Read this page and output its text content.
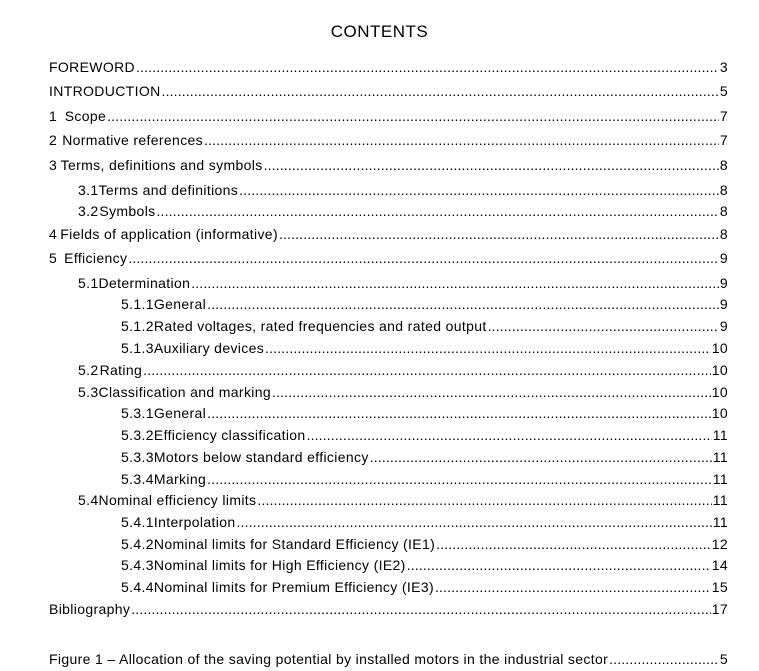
CONTENTS
FOREWORD .....	3
INTRODUCTION .....	5
1 Scope .....	7
2 Normative references .....	7
3 Terms, definitions and symbols .....	8
3.1 Terms and definitions .....	8
3.2 Symbols .....	8
4 Fields of application (informative) .....	8
5 Efficiency .....	9
5.1 Determination .....	9
5.1.1 General .....	9
5.1.2 Rated voltages, rated frequencies and rated output .....	9
5.1.3 Auxiliary devices .....	10
5.2 Rating .....	10
5.3 Classification and marking .....	10
5.3.1 General .....	10
5.3.2 Efficiency classification .....	11
5.3.3 Motors below standard efficiency .....	11
5.3.4 Marking .....	11
5.4 Nominal efficiency limits .....	11
5.4.1 Interpolation .....	11
5.4.2 Nominal limits for Standard Efficiency (IE1) .....	12
5.4.3 Nominal limits for High Efficiency (IE2) .....	14
5.4.4 Nominal limits for Premium Efficiency (IE3) .....	15
Bibliography .....	17
Figure 1 – Allocation of the saving potential by installed motors in the industrial sector .....	5
